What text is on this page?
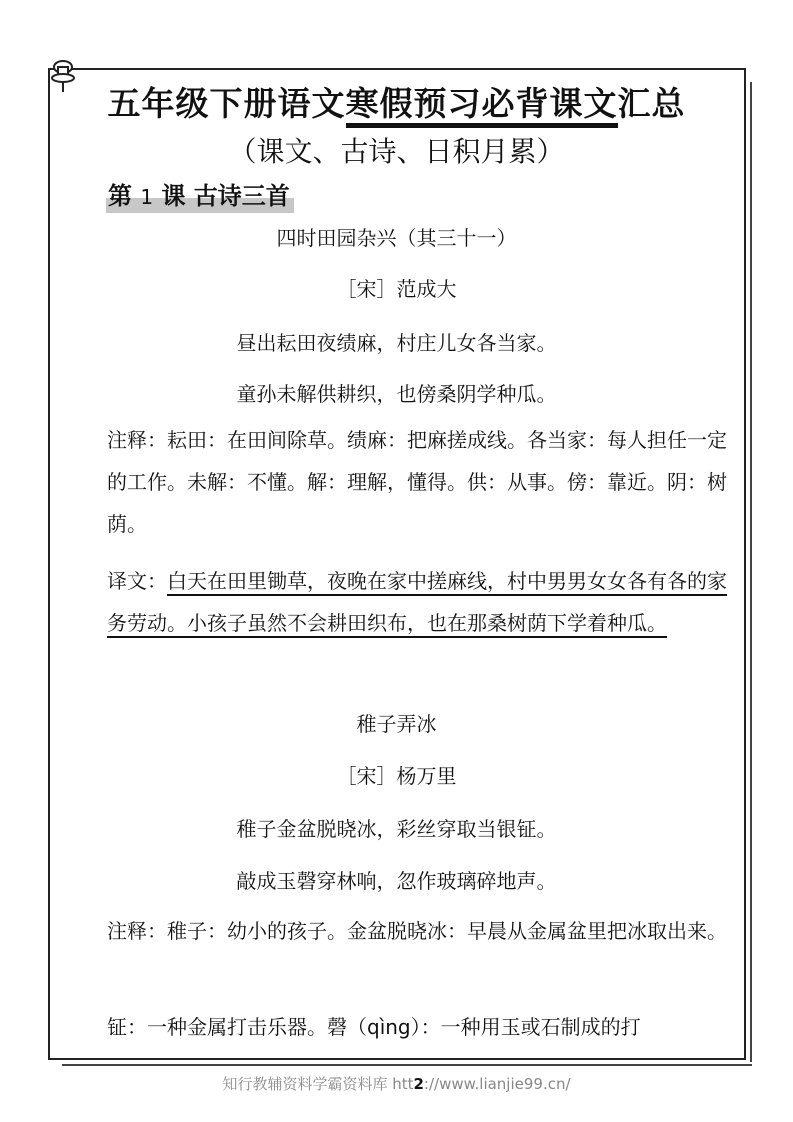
五年级下册语文寒假预习必背课文汇总
（课文、古诗、日积月累）
第 1 课 古诗三首
四时田园杂兴（其三十一）
［宋］范成大
昼出耘田夜绩麻，村庄儿女各当家。
童孙未解供耕织，也傍桑阴学种瓜。
注释：耘田：在田间除草。绩麻：把麻搓成线。各当家：每人担任一定的工作。未解：不懂。解：理解，懂得。供：从事。傍：靠近。阴：树荫。
译文：白天在田里锄草，夜晚在家中搓麻线，村中男男女女各有各的家务劳动。小孩子虽然不会耕田织布，也在那桑树荫下学着种瓜。
稚子弄冰
［宋］杨万里
稚子金盆脱晓冰，彩丝穿取当银钲。
敲成玉磬穿林响，忽作玻璃碎地声。
注释：稚子：幼小的孩子。金盆脱晓冰：早晨从金属盆里把冰取出来。
钲：一种金属打击乐器。磬（qìng）：一种用玉或石制成的打
知行教辅资料学霸资料库 htt2://www.lianjie99.cn/
